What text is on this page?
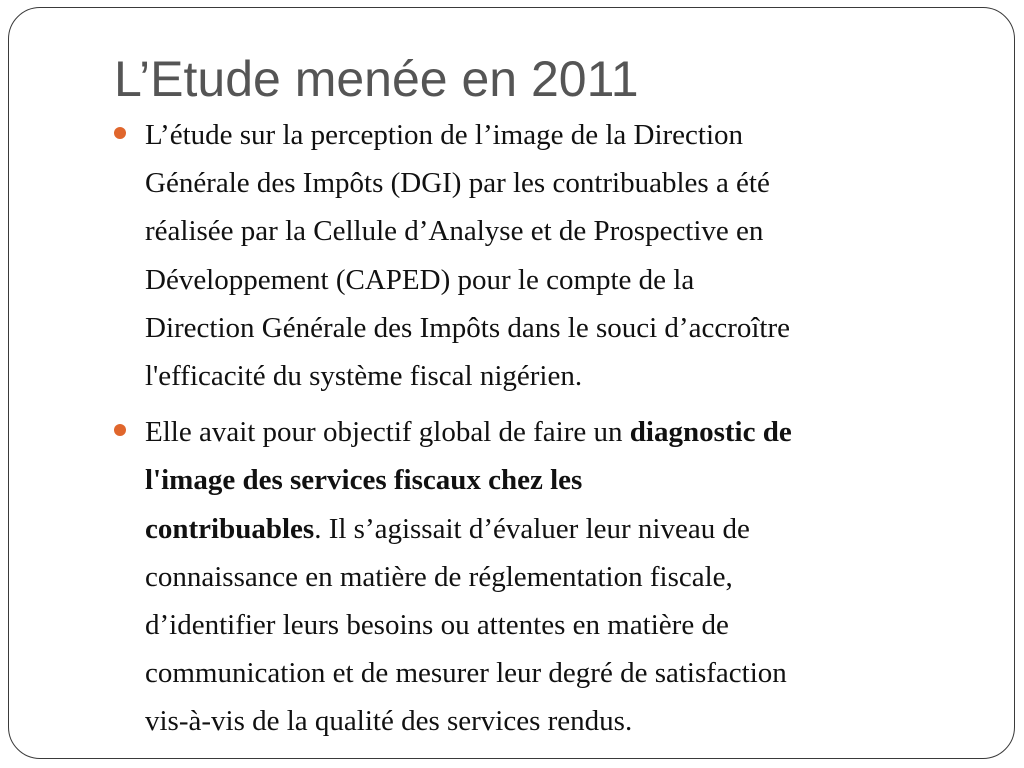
L’Etude menée en 2011
L’étude sur la perception de l’image de la Direction
Générale des Impôts (DGI) par les contribuables a été
réalisée par la Cellule d’Analyse et de Prospective en
Développement (CAPED) pour le compte de la
Direction Générale des Impôts dans le souci d’accroître
l'efficacité du système fiscal nigérien.
Elle avait pour objectif global de faire un diagnostic de
l'image des services fiscaux chez les
contribuables. Il s’agissait d’évaluer leur niveau de
connaissance en matière de réglementation fiscale,
d’identifier leurs besoins ou attentes en matière de
communication et de mesurer leur degré de satisfaction
vis-à-vis de la qualité des services rendus.
